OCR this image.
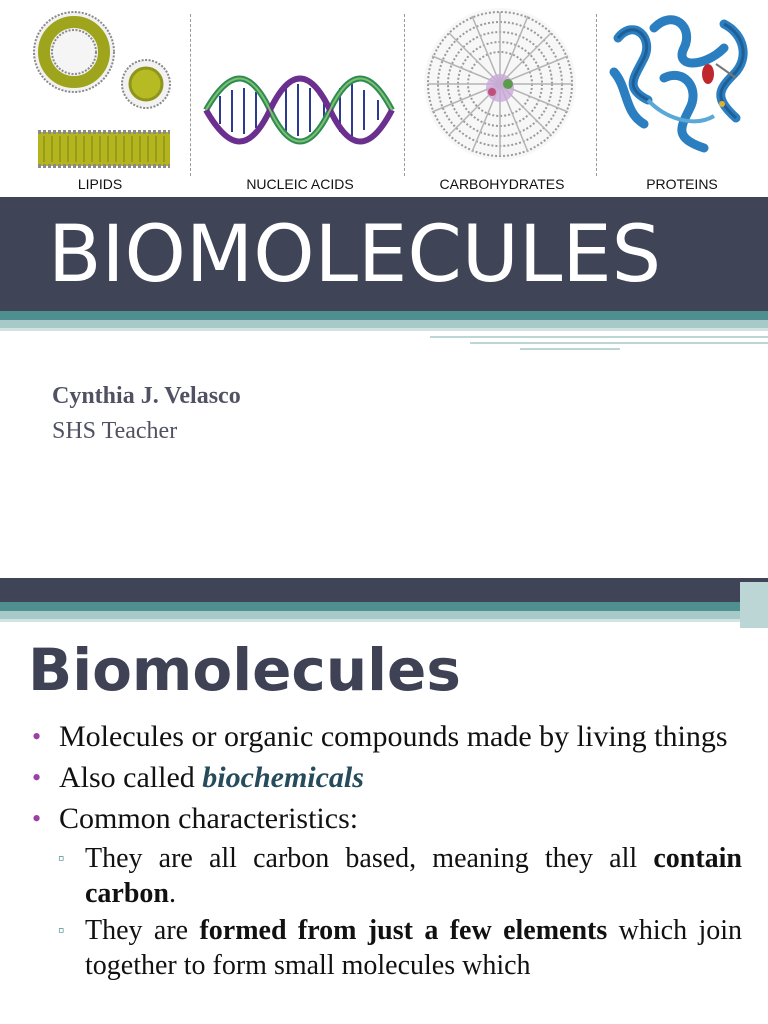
LIPIDS	NUCLEIC ACIDS	CARBOHYDRATES	PROTEINS
BIOMOLECULES
Cynthia J. Velasco
SHS Teacher
Biomolecules
• Molecules or organic compounds made by living things
• Also called biochemicals
• Common characteristics:
▫ They are all carbon based, meaning they all contain carbon.
▫ They are formed from just a few elements which join together to form small molecules which
